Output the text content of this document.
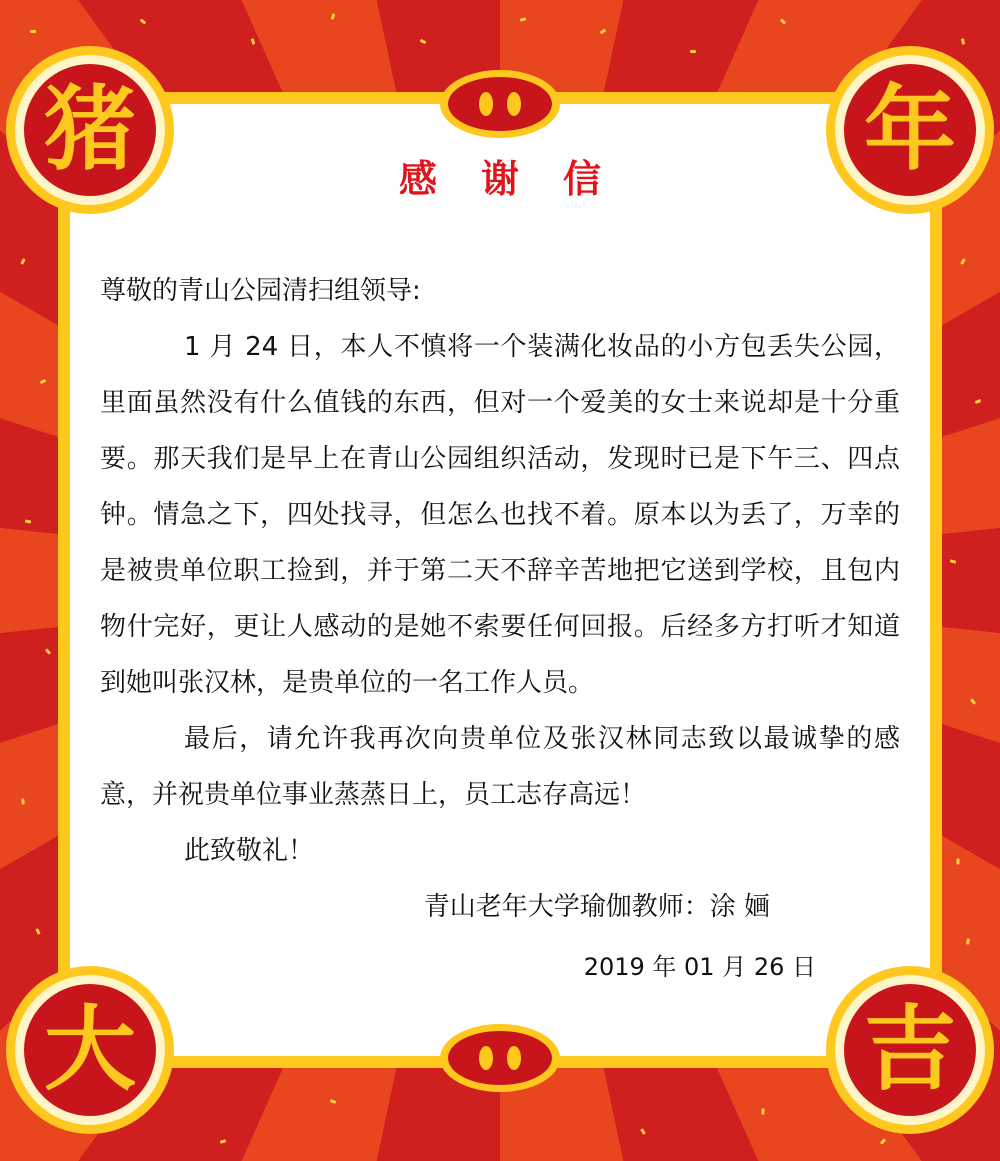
猪	年
大	吉
感谢信

尊敬的青山公园清扫组领导:

1 月 24 日，本人不慎将一个装满化妆品的小方包丢失公园，里面虽然没有什么值钱的东西，但对一个爱美的女士来说却是十分重要。那天我们是早上在青山公园组织活动，发现时已是下午三、四点钟。情急之下，四处找寻，但怎么也找不着。原本以为丢了，万幸的是被贵单位职工捡到，并于第二天不辞辛苦地把它送到学校，且包内物什完好，更让人感动的是她不索要任何回报。后经多方打听才知道到她叫张汉林，是贵单位的一名工作人员。

最后，请允许我再次向贵单位及张汉林同志致以最诚挚的感意，并祝贵单位事业蒸蒸日上，员工志存高远！

此致敬礼！

青山老年大学瑜伽教师：涂 婳

2019 年 01 月 26 日
